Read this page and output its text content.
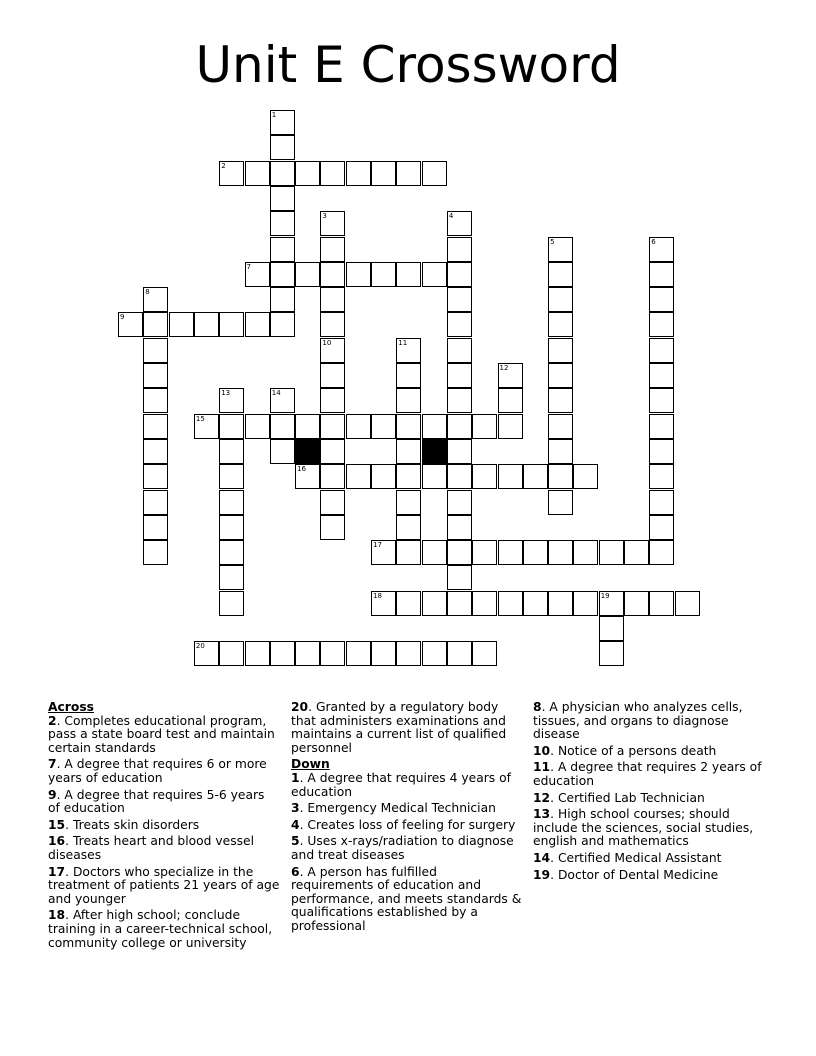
Unit E Crossword
1
2
3
10
4
5	6
7
8
9
11
12
13	14
15
16
17
18	19
20
Across
2. Completes educational program, pass a state board test and maintain certain standards
7. A degree that requires 6 or more years of education
9. A degree that requires 5-6 years of education
15. Treats skin disorders
16. Treats heart and blood vessel diseases
17. Doctors who specialize in the treatment of patients 21 years of age and younger
18. After high school; conclude training in a career-technical school, community college or university
20. Granted by a regulatory body that administers examinations and maintains a current list of qualified personnel
Down
1. A degree that requires 4 years of education
3. Emergency Medical Technician
4. Creates loss of feeling for surgery
5. Uses x-rays/radiation to diagnose and treat diseases
6. A person has fulfilled requirements of education and performance, and meets standards & qualifications established by a professional
8. A physician who analyzes cells, tissues, and organs to diagnose disease
10. Notice of a persons death
11. A degree that requires 2 years of education
12. Certified Lab Technician
13. High school courses; should include the sciences, social studies, english and mathematics
14. Certified Medical Assistant
19. Doctor of Dental Medicine
